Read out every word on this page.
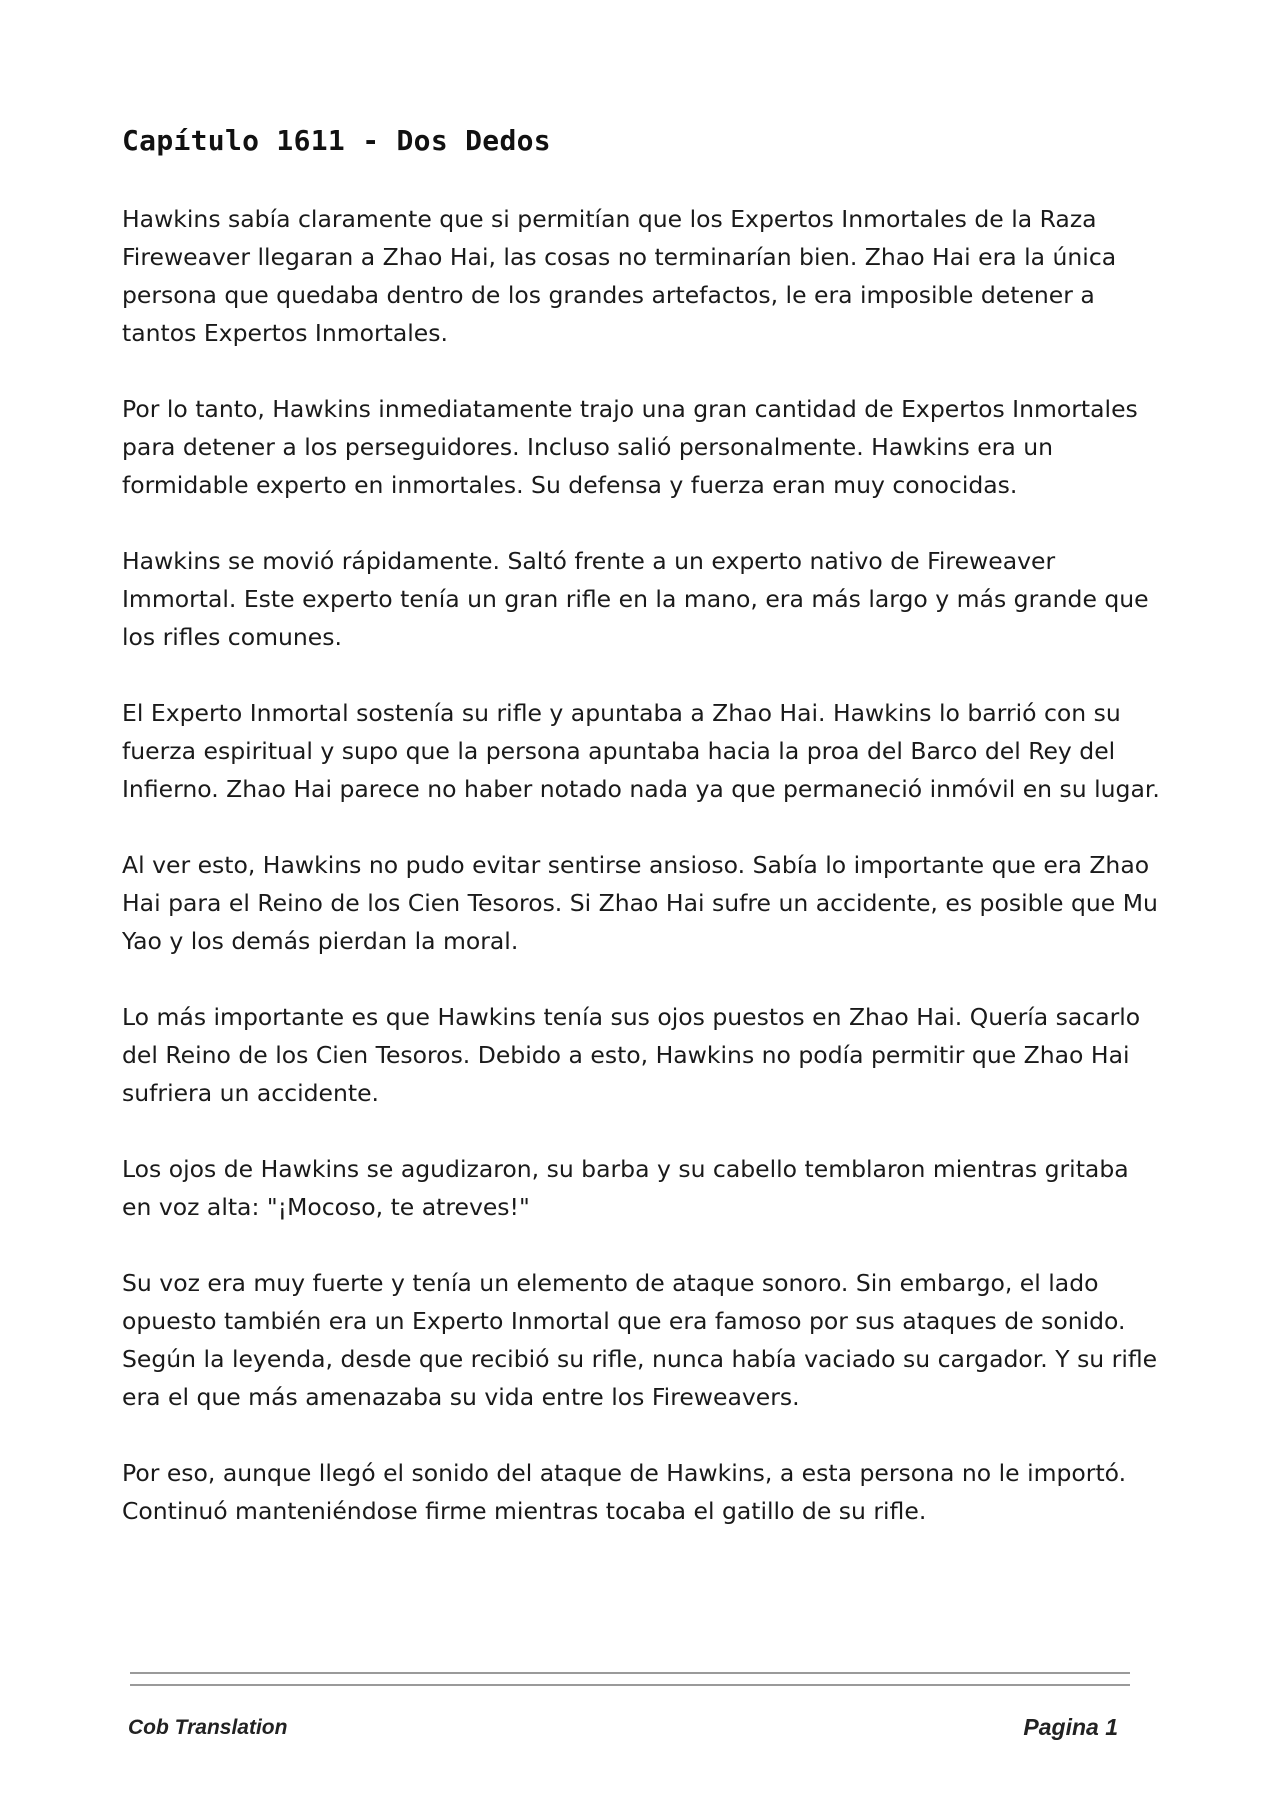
Capítulo 1611 - Dos Dedos

Hawkins sabía claramente que si permitían que los Expertos Inmortales de la Raza Fireweaver llegaran a Zhao Hai, las cosas no terminarían bien. Zhao Hai era la única persona que quedaba dentro de los grandes artefactos, le era imposible detener a tantos Expertos Inmortales.

Por lo tanto, Hawkins inmediatamente trajo una gran cantidad de Expertos Inmortales para detener a los perseguidores. Incluso salió personalmente. Hawkins era un formidable experto en inmortales. Su defensa y fuerza eran muy conocidas.

Hawkins se movió rápidamente. Saltó frente a un experto nativo de Fireweaver Immortal. Este experto tenía un gran rifle en la mano, era más largo y más grande que los rifles comunes.

El Experto Inmortal sostenía su rifle y apuntaba a Zhao Hai. Hawkins lo barrió con su fuerza espiritual y supo que la persona apuntaba hacia la proa del Barco del Rey del Infierno. Zhao Hai parece no haber notado nada ya que permaneció inmóvil en su lugar.

Al ver esto, Hawkins no pudo evitar sentirse ansioso. Sabía lo importante que era Zhao Hai para el Reino de los Cien Tesoros. Si Zhao Hai sufre un accidente, es posible que Mu Yao y los demás pierdan la moral.

Lo más importante es que Hawkins tenía sus ojos puestos en Zhao Hai. Quería sacarlo del Reino de los Cien Tesoros. Debido a esto, Hawkins no podía permitir que Zhao Hai sufriera un accidente.

Los ojos de Hawkins se agudizaron, su barba y su cabello temblaron mientras gritaba en voz alta: "¡Mocoso, te atreves!"

Su voz era muy fuerte y tenía un elemento de ataque sonoro. Sin embargo, el lado opuesto también era un Experto Inmortal que era famoso por sus ataques de sonido. Según la leyenda, desde que recibió su rifle, nunca había vaciado su cargador. Y su rifle era el que más amenazaba su vida entre los Fireweavers.

Por eso, aunque llegó el sonido del ataque de Hawkins, a esta persona no le importó. Continuó manteniéndose firme mientras tocaba el gatillo de su rifle.

Cob Translation	Pagina 1
